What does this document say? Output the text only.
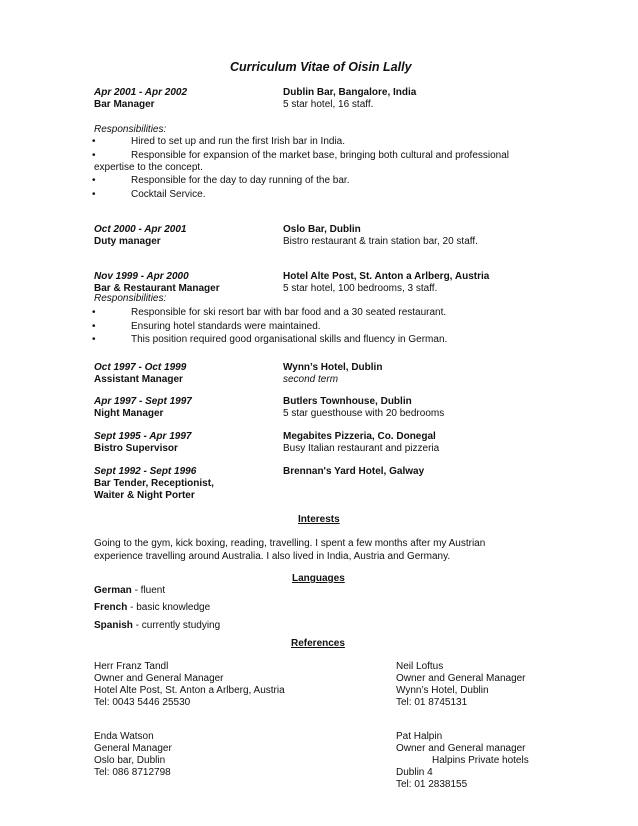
Curriculum Vitae of Oisin Lally
Apr 2001 - Apr 2002	Dublin Bar, Bangalore, India
Bar Manager	5 star hotel, 16 staff.
Responsibilities:
•	Hired to set up and run the first Irish bar in India.
•	Responsible for expansion of the market base, bringing both cultural and professional
expertise to the concept.
•	Responsible for the day to day running of the bar.
•	Cocktail Service.
Oct 2000 - Apr 2001	Oslo Bar, Dublin
Duty manager	Bistro restaurant & train station bar, 20 staff.
Nov 1999 - Apr 2000	Hotel Alte Post, St. Anton a Arlberg, Austria
Bar & Restaurant Manager	5 star hotel, 100 bedrooms, 3 staff.
Responsibilities:
•	Responsible for ski resort bar with bar food and a 30 seated restaurant.
•	Ensuring hotel standards were maintained.
•	This position required good organisational skills and fluency in German.
Oct 1997 - Oct 1999	Wynn’s Hotel, Dublin
Assistant Manager	second term
Apr 1997 - Sept 1997	Butlers Townhouse, Dublin
Night Manager	5 star guesthouse with 20 bedrooms
Sept 1995 - Apr 1997	Megabites Pizzeria, Co. Donegal
Bistro Supervisor	Busy Italian restaurant and pizzeria
Sept 1992 - Sept 1996	Brennan's Yard Hotel, Galway
Bar Tender, Receptionist,
Waiter & Night Porter
Interests
Going to the gym, kick boxing, reading, travelling. I spent a few months after my Austrian experience travelling around Australia. I also lived in India, Austria and Germany.
Languages
German - fluent
French - basic knowledge
Spanish - currently studying
References
Herr Franz Tandl
Owner and General Manager
Hotel Alte Post, St. Anton a Arlberg, Austria
Tel: 0043 5446 25530
Neil Loftus
Owner and General Manager
Wynn’s Hotel, Dublin
Tel: 01 8745131
Enda Watson
General Manager
Oslo bar, Dublin
Tel: 086 8712798
Pat Halpin
Owner and General manager
Halpins Private hotels
Dublin 4
Tel: 01 2838155
